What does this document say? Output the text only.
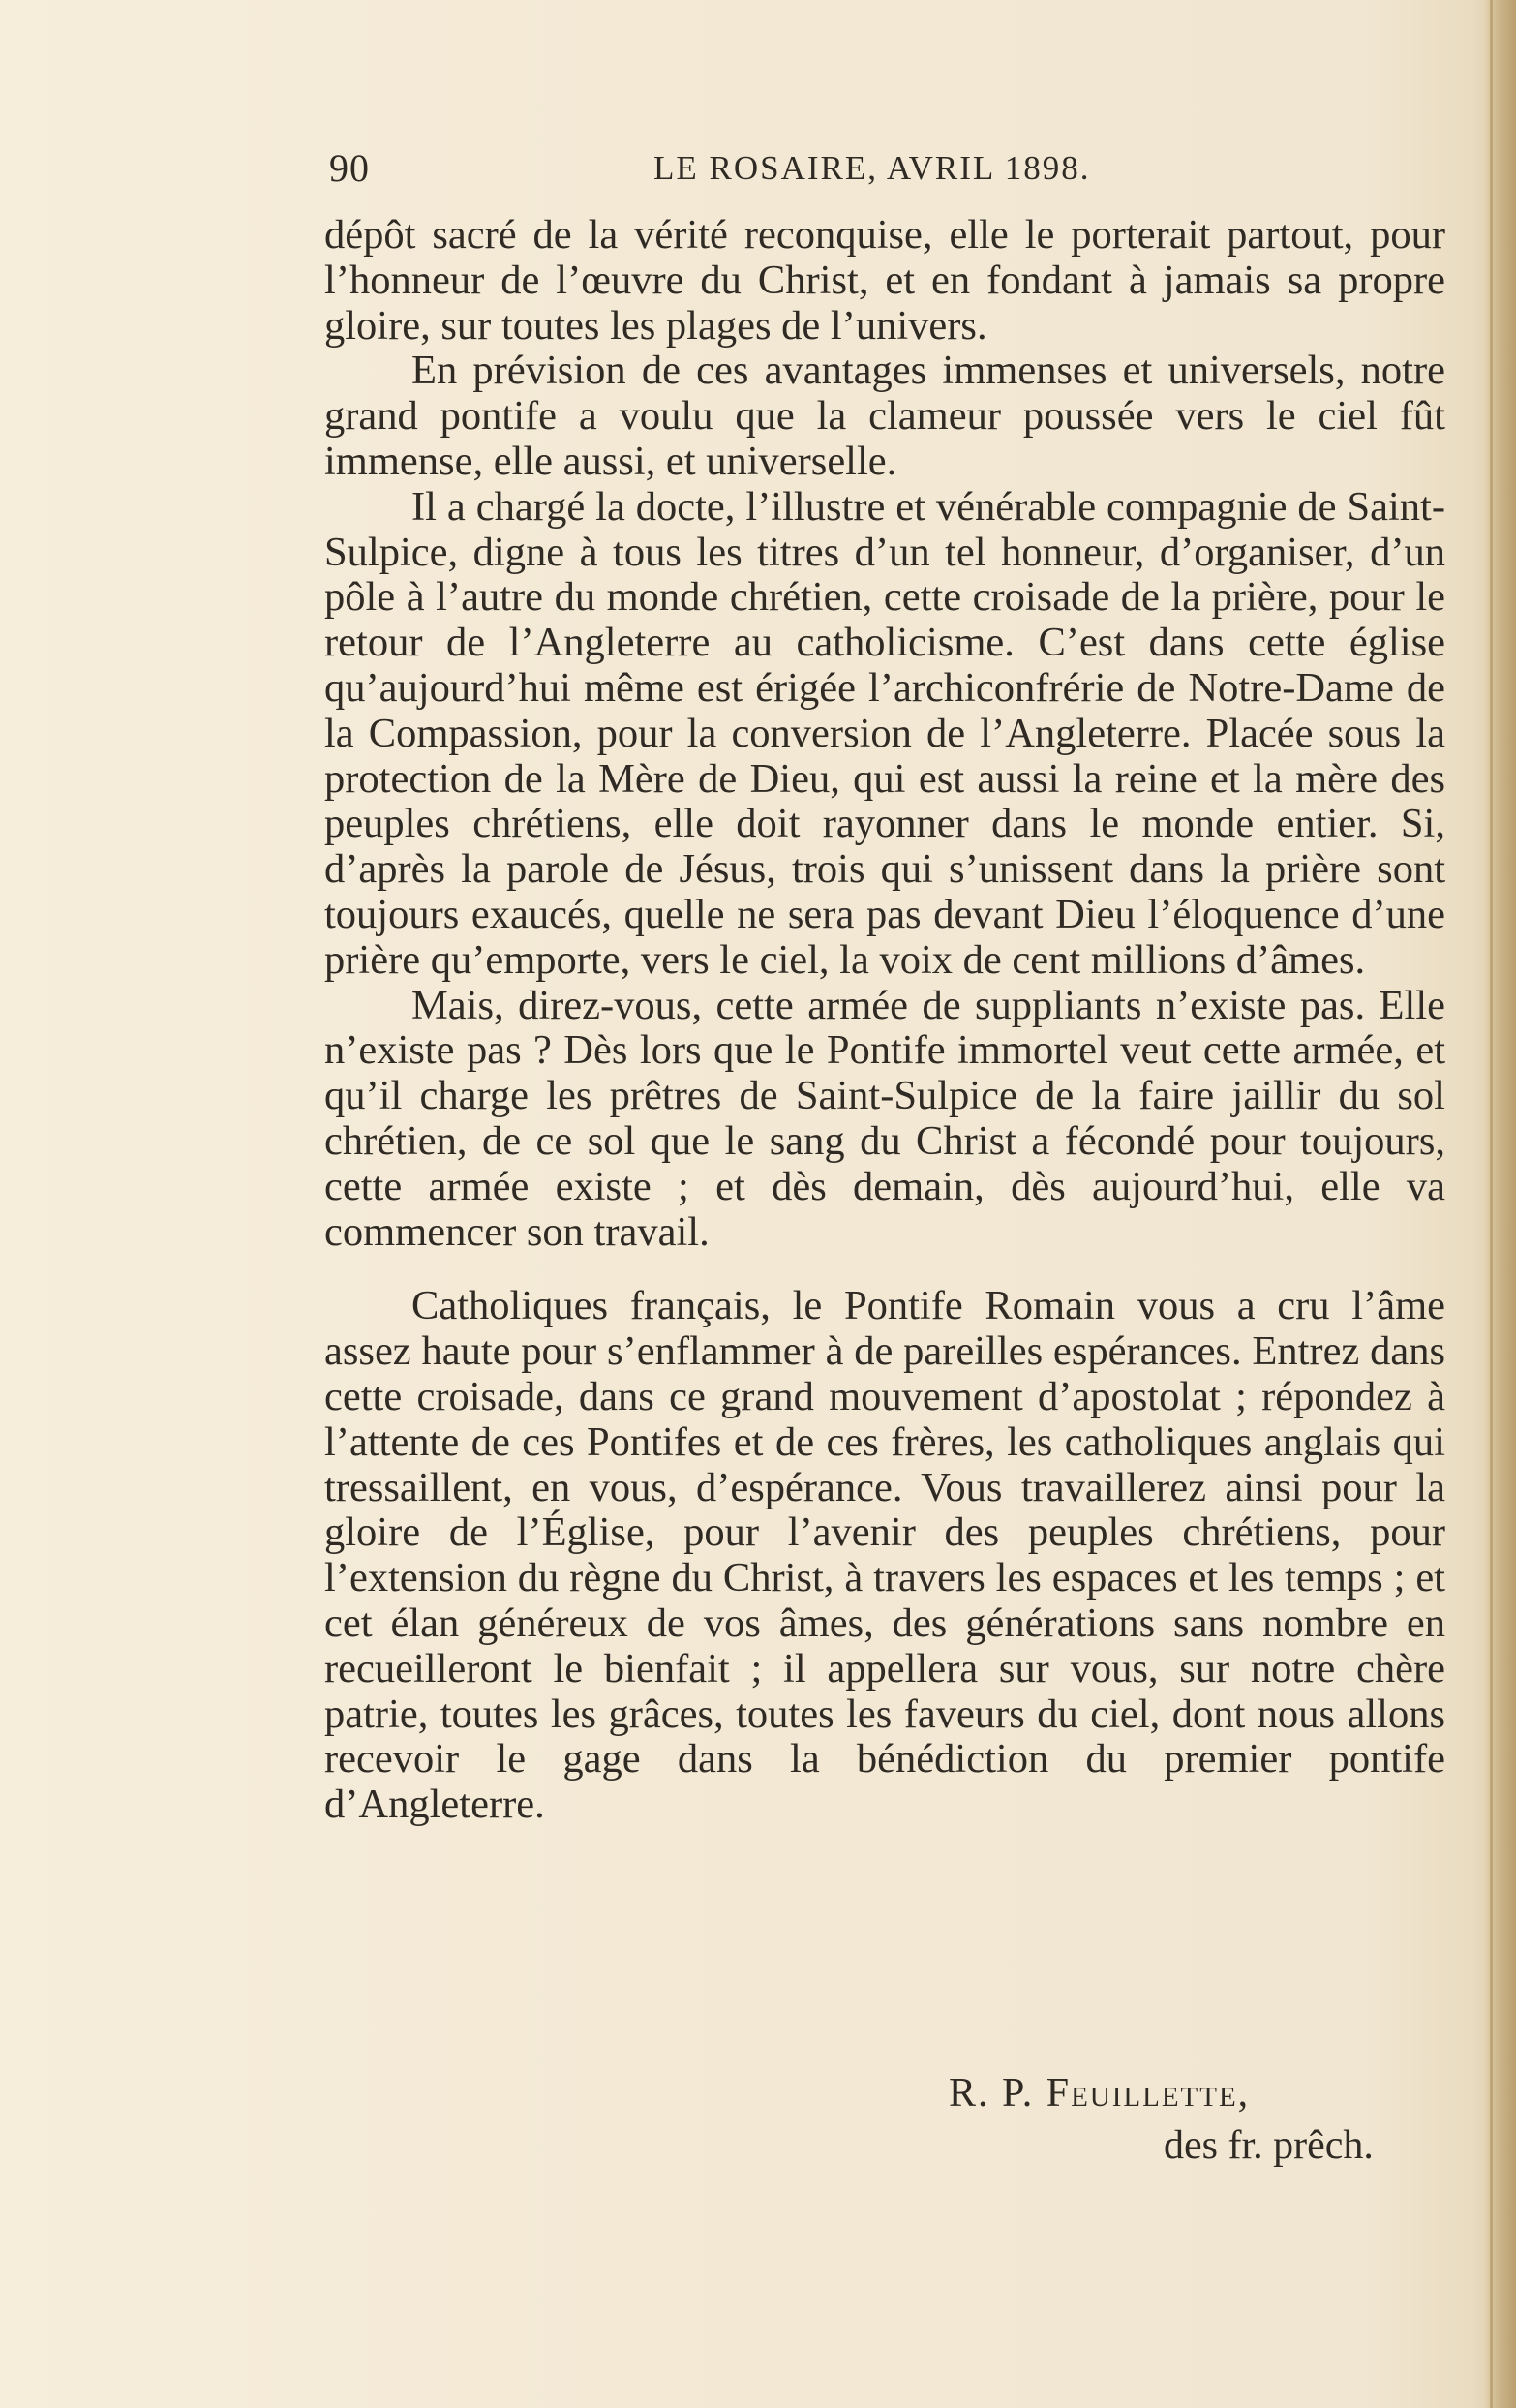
90	LE ROSAIRE, AVRIL 1898.

dépôt sacré de la vérité reconquise, elle le porterait partout, pour l’honneur de l’œuvre du Christ, et en fondant à jamais sa propre gloire, sur toutes les plages de l’univers.

En prévision de ces avantages immenses et universels, notre grand pontife a voulu que la clameur poussée vers le ciel fût immense, elle aussi, et universelle.

Il a chargé la docte, l’illustre et vénérable compagnie de Saint-Sulpice, digne à tous les titres d’un tel honneur, d’organiser, d’un pôle à l’autre du monde chrétien, cette croisade de la prière, pour le retour de l’Angleterre au catholicisme. C’est dans cette église qu’aujourd’hui même est érigée l’archiconfrérie de Notre-Dame de la Compassion, pour la conversion de l’Angleterre. Placée sous la protection de la Mère de Dieu, qui est aussi la reine et la mère des peuples chrétiens, elle doit rayonner dans le monde entier. Si, d’après la parole de Jésus, trois qui s’unissent dans la prière sont toujours exaucés, quelle ne sera pas devant Dieu l’éloquence d’une prière qu’emporte, vers le ciel, la voix de cent millions d’âmes.

Mais, direz-vous, cette armée de suppliants n’existe pas. Elle n’existe pas ? Dès lors que le Pontife immortel veut cette armée, et qu’il charge les prêtres de Saint-Sulpice de la faire jaillir du sol chrétien, de ce sol que le sang du Christ a fécondé pour toujours, cette armée existe ; et dès demain, dès aujourd’hui, elle va commencer son travail.

Catholiques français, le Pontife Romain vous a cru l’âme assez haute pour s’enflammer à de pareilles espérances. Entrez dans cette croisade, dans ce grand mouvement d’apostolat ; répondez à l’attente de ces Pontifes et de ces frères, les catholiques anglais qui tressaillent, en vous, d’espérance. Vous travaillerez ainsi pour la gloire de l’Église, pour l’avenir des peuples chrétiens, pour l’extension du règne du Christ, à travers les espaces et les temps ; et cet élan généreux de vos âmes, des générations sans nombre en recueilleront le bienfait ; il appellera sur vous, sur notre chère patrie, toutes les grâces, toutes les faveurs du ciel, dont nous allons recevoir le gage dans la bénédiction du premier pontife d’Angleterre.

R. P. Feuillette,
des fr. prêch.
